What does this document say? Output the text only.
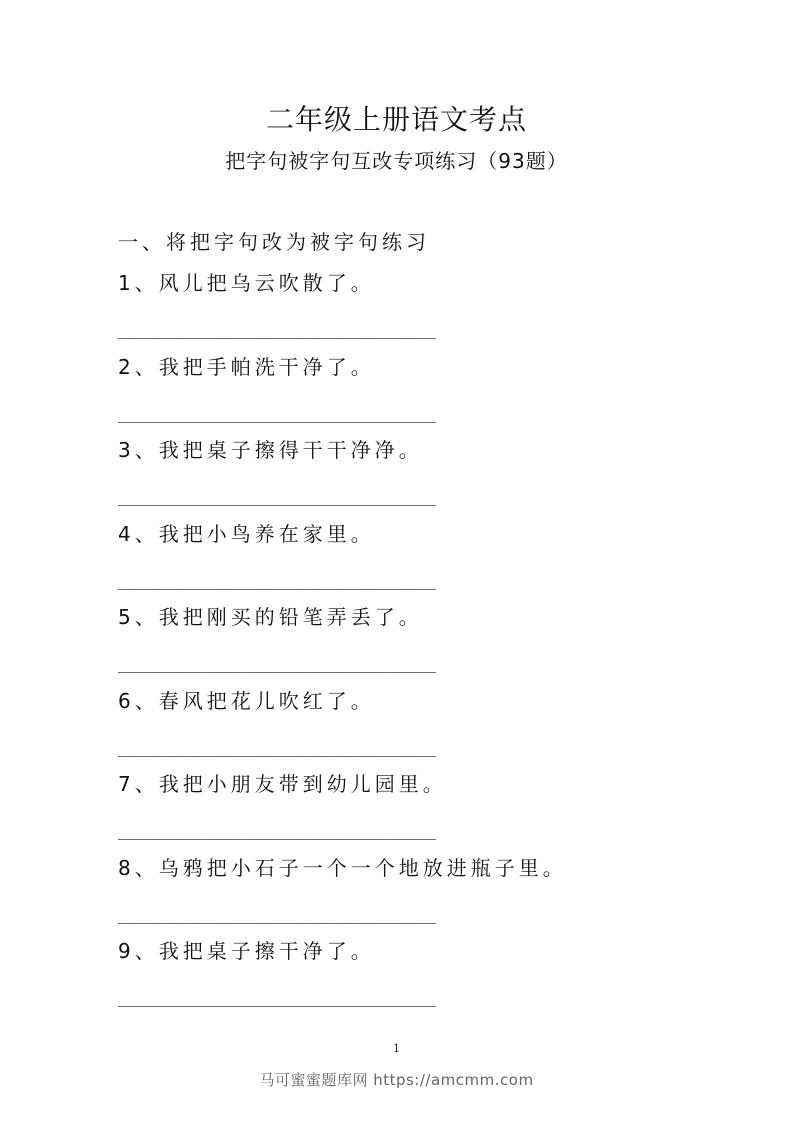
二年级上册语文考点
把字句被字句互改专项练习（93题）
一、将把字句改为被字句练习
1、风儿把乌云吹散了。
_________________________________
2、我把手帕洗干净了。
_________________________________
3、我把桌子擦得干干净净。
_________________________________
4、我把小鸟养在家里。
_________________________________
5、我把刚买的铅笔弄丢了。
_________________________________
6、春风把花儿吹红了。
_________________________________
7、我把小朋友带到幼儿园里。
_________________________________
8、乌鸦把小石子一个一个地放进瓶子里。
_________________________________
9、我把桌子擦干净了。
_________________________________
1
马可蜜蜜题库网 https://amcmm.com
